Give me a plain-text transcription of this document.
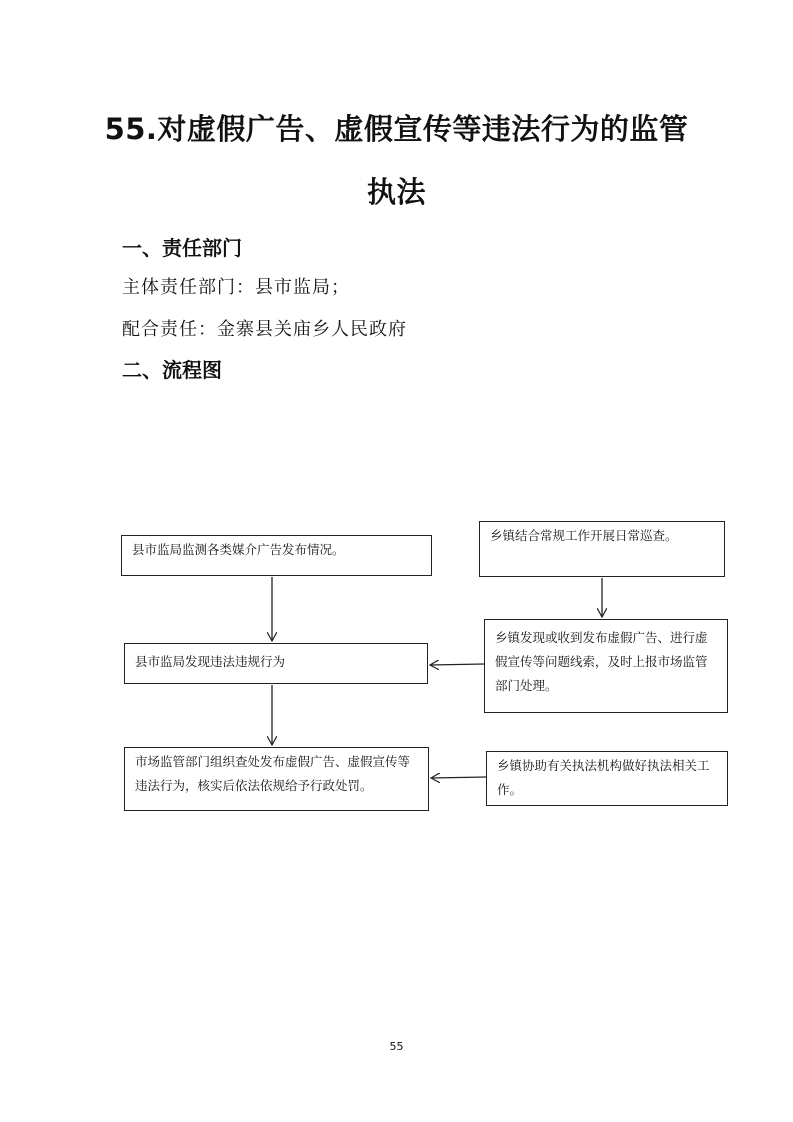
55.对虚假广告、虚假宣传等违法行为的监管
执法
一、责任部门
主体责任部门：县市监局；
配合责任：金寨县关庙乡人民政府
二、流程图
县市监局监测各类媒介广告发布情况。
县市监局发现违法违规行为
市场监管部门组织查处发布虚假广告、虚假宣传等违法行为，核实后依法依规给予行政处罚。
乡镇结合常规工作开展日常巡查。
乡镇发现或收到发布虚假广告、进行虚假宣传等问题线索，及时上报市场监管部门处理。
乡镇协助有关执法机构做好执法相关工作。
55
